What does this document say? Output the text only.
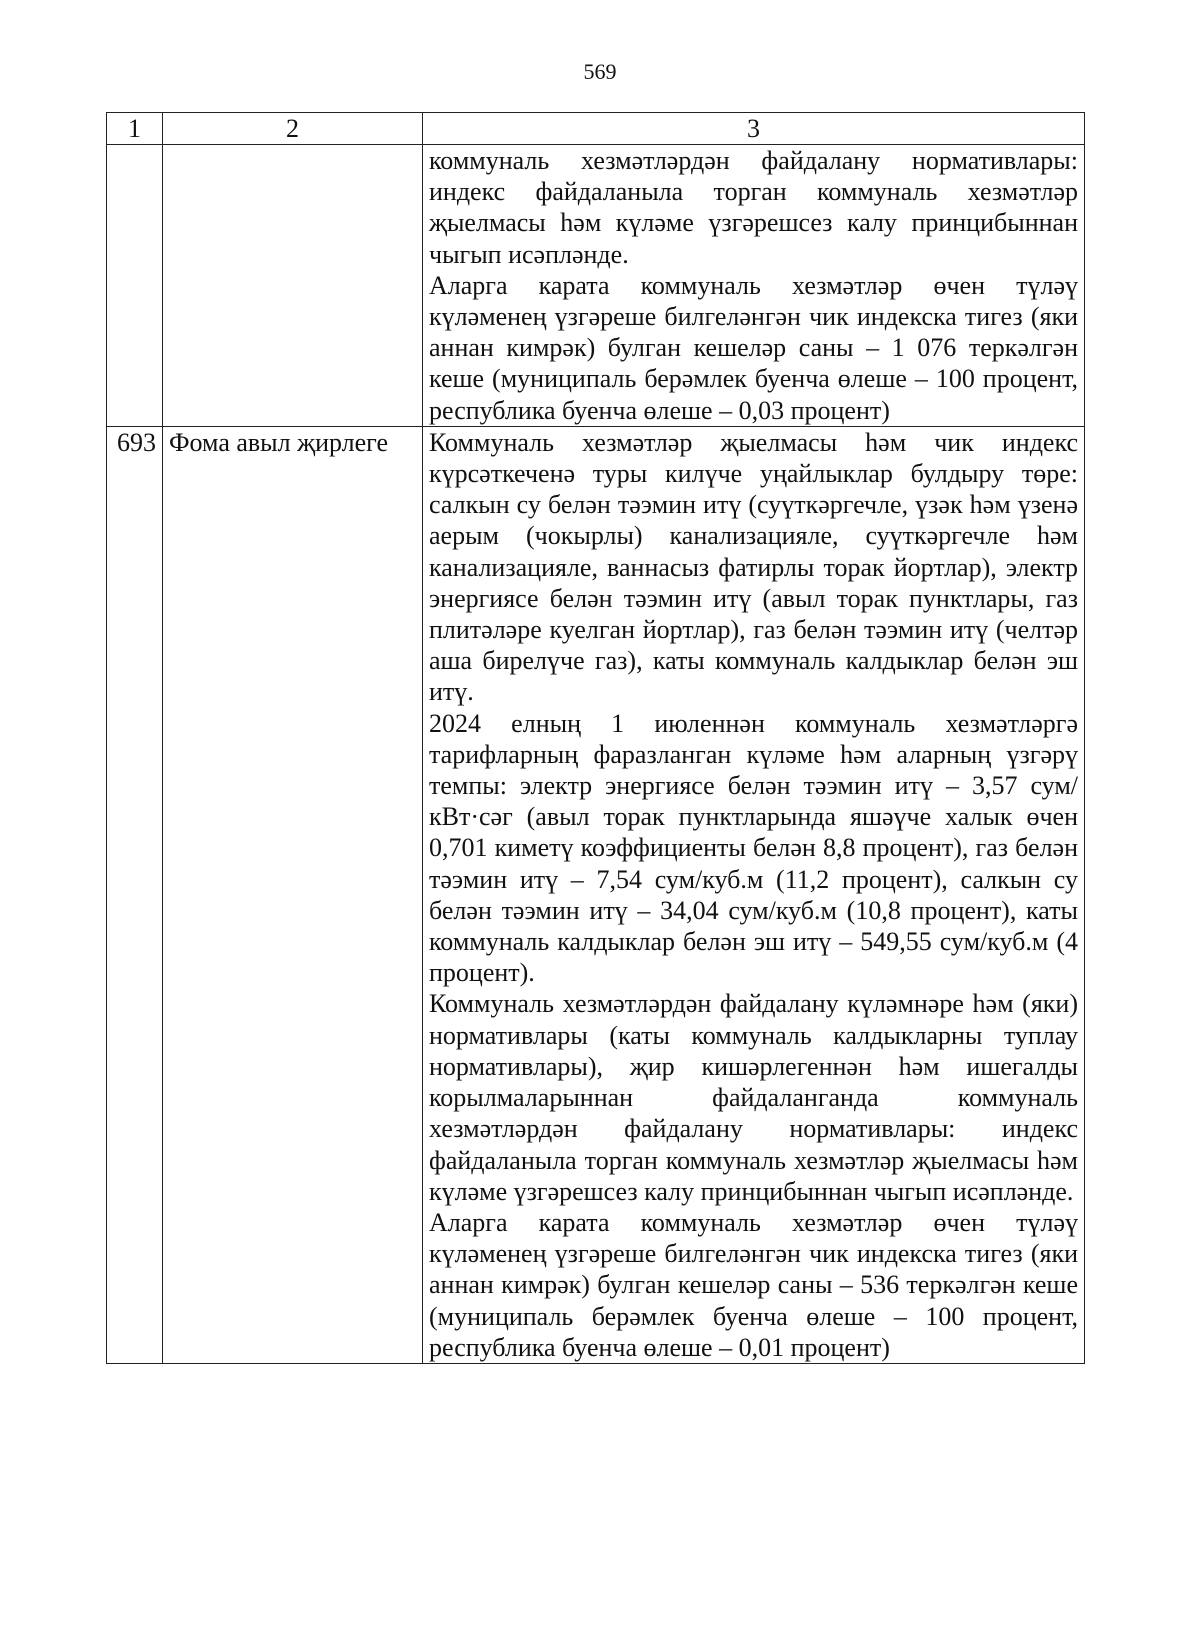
569
1	2	3

		коммуналь хезмәтләрдән файдалану нормативлары: индекс файдаланыла торган коммуналь хезмәтләр җыелмасы һәм күләме үзгәрешсез калу принцибыннан чыгып исәпләнде.

Аларга карата коммуналь хезмәтләр өчен түләү күләменең үзгәреше билгеләнгән чик индекска тигез (яки аннан кимрәк) булган кешеләр саны – 1 076 теркәлгән кеше (муниципаль берәмлек буенча өлеше – 100 процент, республика буенча өлеше – 0,03 процент)

693	Фома авыл җирлеге	Коммуналь хезмәтләр җыелмасы һәм чик индекс күрсәткеченә туры килүче уңайлыклар булдыру төре: салкын су белән тәэмин итү (суүткәргечле, үзәк һәм үзенә аерым (чокырлы) канализацияле, суүткәргечле һәм канализацияле, ваннасыз фатирлы торак йортлар), электр энергиясе белән тәэмин итү (авыл торак пунктлары, газ плитәләре куелган йортлар), газ белән тәэмин итү (челтәр аша бирелүче газ), каты коммуналь калдыклар белән эш итү.

2024 елның 1 июленнән коммуналь хезмәтләргә тарифларның фаразланган күләме һәм аларның үзгәрү темпы: электр энергиясе белән тәэмин итү – 3,57 сум/кВт·сәг (авыл торак пунктларында яшәүче халык өчен 0,701 киметү коэффициенты белән 8,8 процент), газ белән тәэмин итү – 7,54 сум/куб.м (11,2 процент), салкын су белән тәэмин итү – 34,04 сум/куб.м (10,8 процент), каты коммуналь калдыклар белән эш итү – 549,55 сум/куб.м (4 процент).

Коммуналь хезмәтләрдән файдалану күләмнәре һәм (яки) нормативлары (каты коммуналь калдыкларны туплау нормативлары), җир кишәрлегеннән һәм ишегалды корылмаларыннан файдаланганда коммуналь хезмәтләрдән файдалану нормативлары: индекс файдаланыла торган коммуналь хезмәтләр җыелмасы һәм күләме үзгәрешсез калу принцибыннан чыгып исәпләнде.

Аларга карата коммуналь хезмәтләр өчен түләү күләменең үзгәреше билгеләнгән чик индекска тигез (яки аннан кимрәк) булган кешеләр саны – 536 теркәлгән кеше (муниципаль берәмлек буенча өлеше – 100 процент, республика буенча өлеше – 0,01 процент)
